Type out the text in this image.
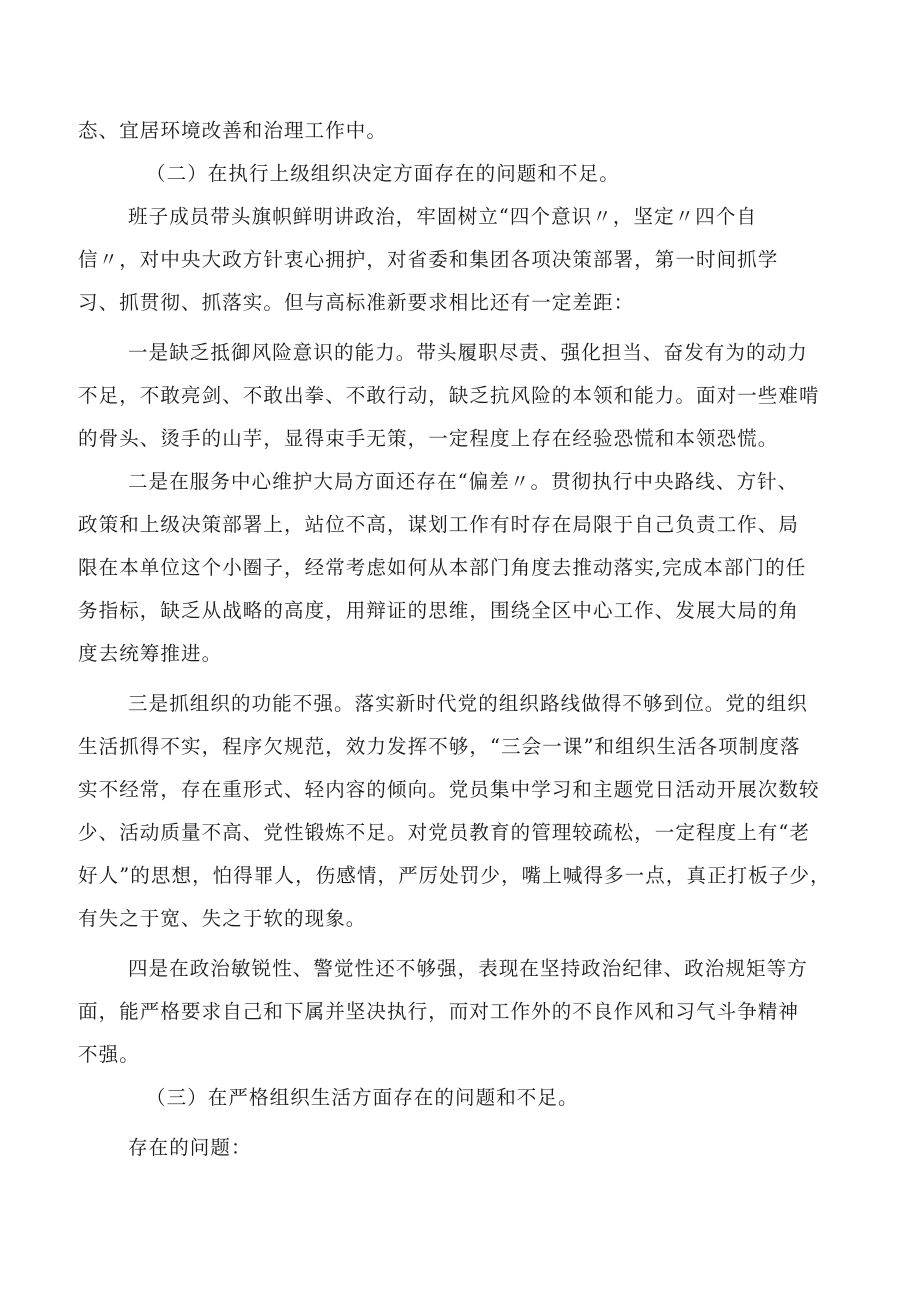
态、宜居环境改善和治理工作中。
（二）在执行上级组织决定方面存在的问题和不足。
班子成员带头旗帜鲜明讲政治，牢固树立“四个意识〃，坚定〃四个自
信〃，对中央大政方针衷心拥护，对省委和集团各项决策部署，第一时间抓学
习、抓贯彻、抓落实。但与高标准新要求相比还有一定差距：
一是缺乏抵御风险意识的能力。带头履职尽责、强化担当、奋发有为的动力
不足，不敢亮剑、不敢出拳、不敢行动，缺乏抗风险的本领和能力。面对一些难啃
的骨头、烫手的山芋，显得束手无策，一定程度上存在经验恐慌和本领恐慌。
二是在服务中心维护大局方面还存在“偏差〃。贯彻执行中央路线、方针、
政策和上级决策部署上，站位不高，谋划工作有时存在局限于自己负责工作、局
限在本单位这个小圈子，经常考虑如何从本部门角度去推动落实,完成本部门的任
务指标，缺乏从战略的高度，用辩证的思维，围绕全区中心工作、发展大局的角
度去统筹推进。
三是抓组织的功能不强。落实新时代党的组织路线做得不够到位。党的组织
生活抓得不实，程序欠规范，效力发挥不够，“三会一课”和组织生活各项制度落
实不经常，存在重形式、轻内容的倾向。党员集中学习和主题党日活动开展次数较
少、活动质量不高、党性锻炼不足。对党员教育的管理较疏松，一定程度上有“老
好人”的思想，怕得罪人，伤感情，严厉处罚少，嘴上喊得多一点，真正打板子少，
有失之于宽、失之于软的现象。
四是在政治敏锐性、警觉性还不够强，表现在坚持政治纪律、政治规矩等方
面，能严格要求自己和下属并坚决执行，而对工作外的不良作风和习气斗争精神
不强。
（三）在严格组织生活方面存在的问题和不足。
存在的问题：
